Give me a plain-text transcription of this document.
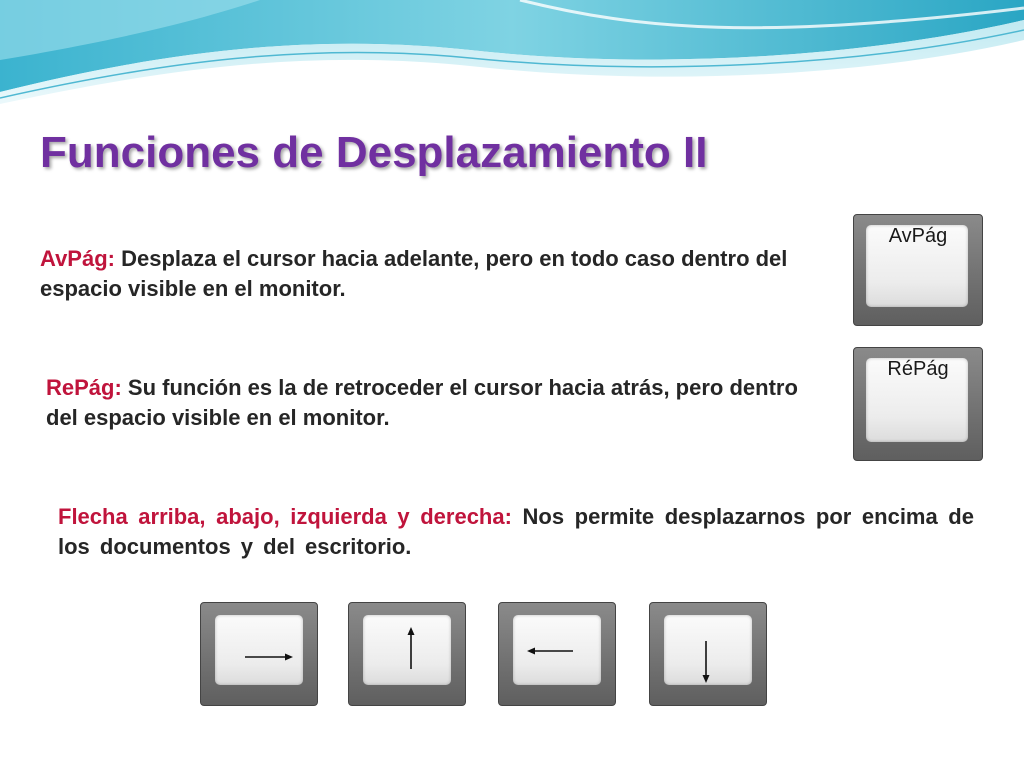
Funciones de Desplazamiento II
AvPág: Desplaza el cursor hacia adelante, pero en todo caso dentro del espacio visible en el monitor.
RePág: Su función es la de retroceder el cursor hacia atrás, pero dentro del espacio visible en el monitor.
Flecha arriba, abajo, izquierda y derecha: Nos permite desplazarnos por encima de los documentos y del escritorio.
AvPág
RéPág
